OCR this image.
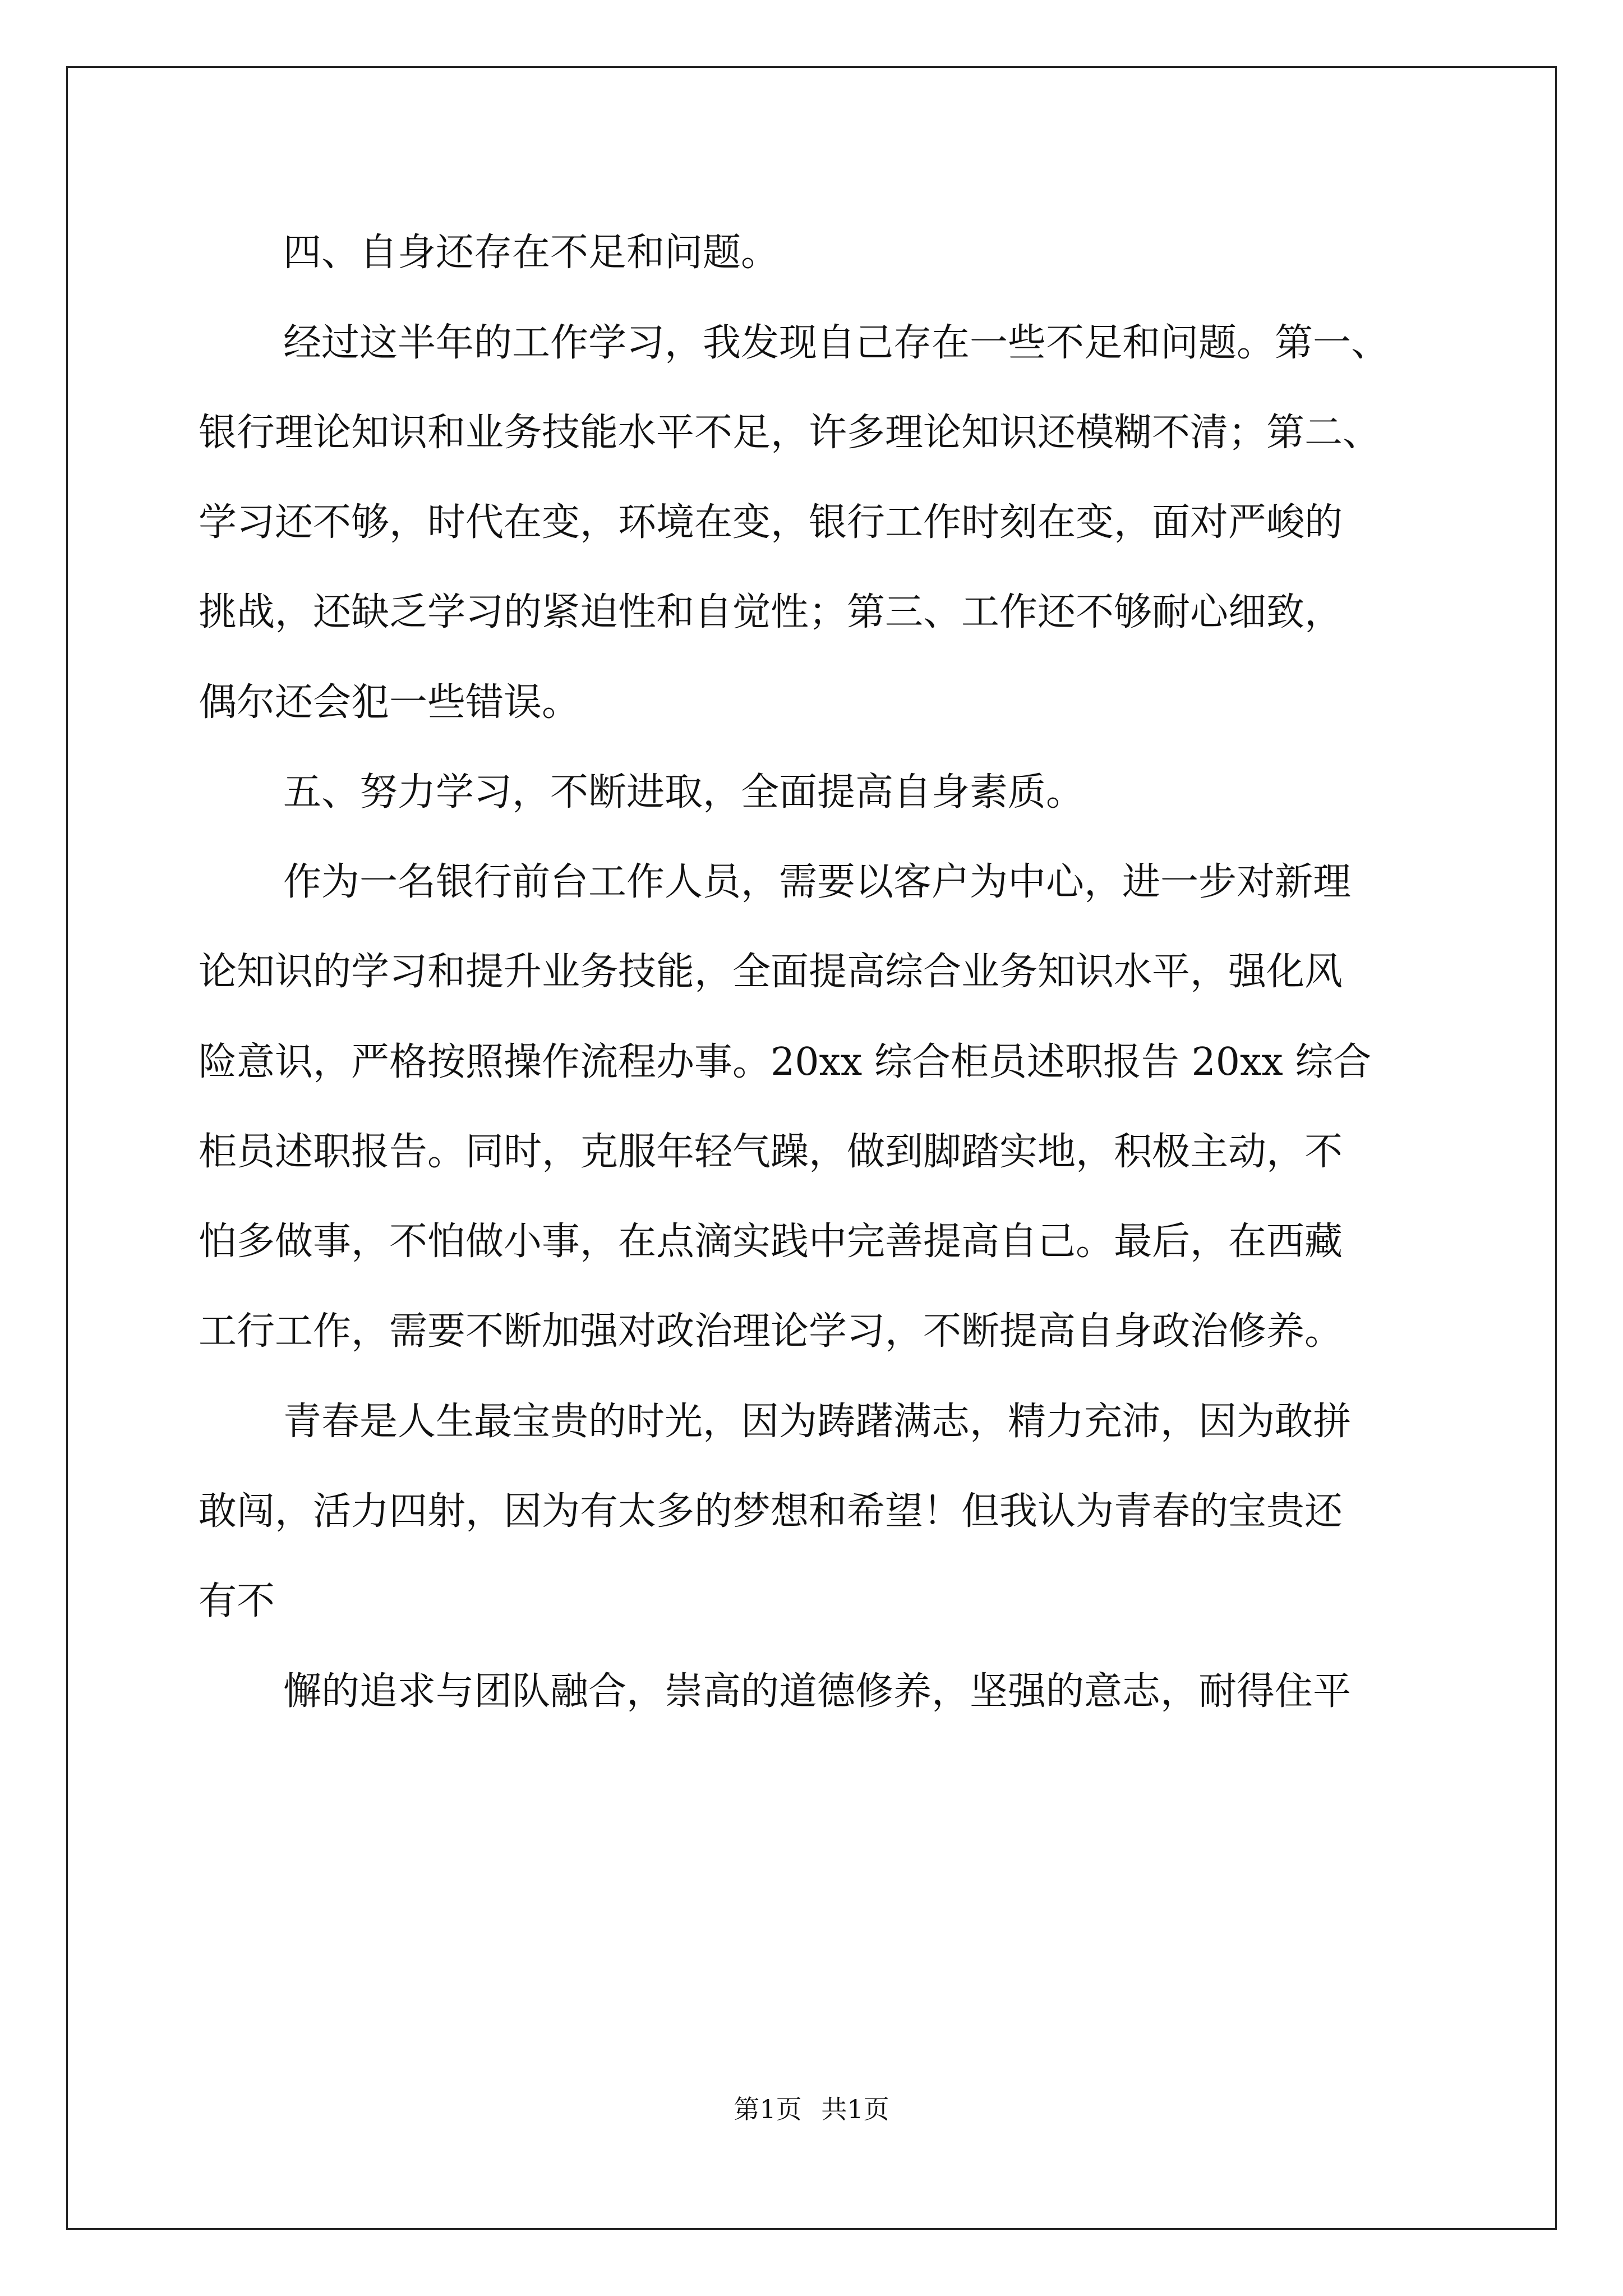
四、自身还存在不足和问题。

经过这半年的工作学习，我发现自己存在一些不足和问题。第一、

银行理论知识和业务技能水平不足，许多理论知识还模糊不清；第二、

学习还不够，时代在变，环境在变，银行工作时刻在变，面对严峻的

挑战，还缺乏学习的紧迫性和自觉性；第三、工作还不够耐心细致，

偶尔还会犯一些错误。

五、努力学习，不断进取，全面提高自身素质。

作为一名银行前台工作人员，需要以客户为中心，进一步对新理

论知识的学习和提升业务技能，全面提高综合业务知识水平，强化风

险意识，严格按照操作流程办事。20xx 综合柜员述职报告 20xx 综合

柜员述职报告。同时，克服年轻气躁，做到脚踏实地，积极主动，不

怕多做事，不怕做小事，在点滴实践中完善提高自己。最后，在西藏

工行工作，需要不断加强对政治理论学习，不断提高自身政治修养。

青春是人生最宝贵的时光，因为踌躇满志，精力充沛，因为敢拼

敢闯，活力四射，因为有太多的梦想和希望！但我认为青春的宝贵还

有不

懈的追求与团队融合，崇高的道德修养，坚强的意志，耐得住平

第1页 共1页
